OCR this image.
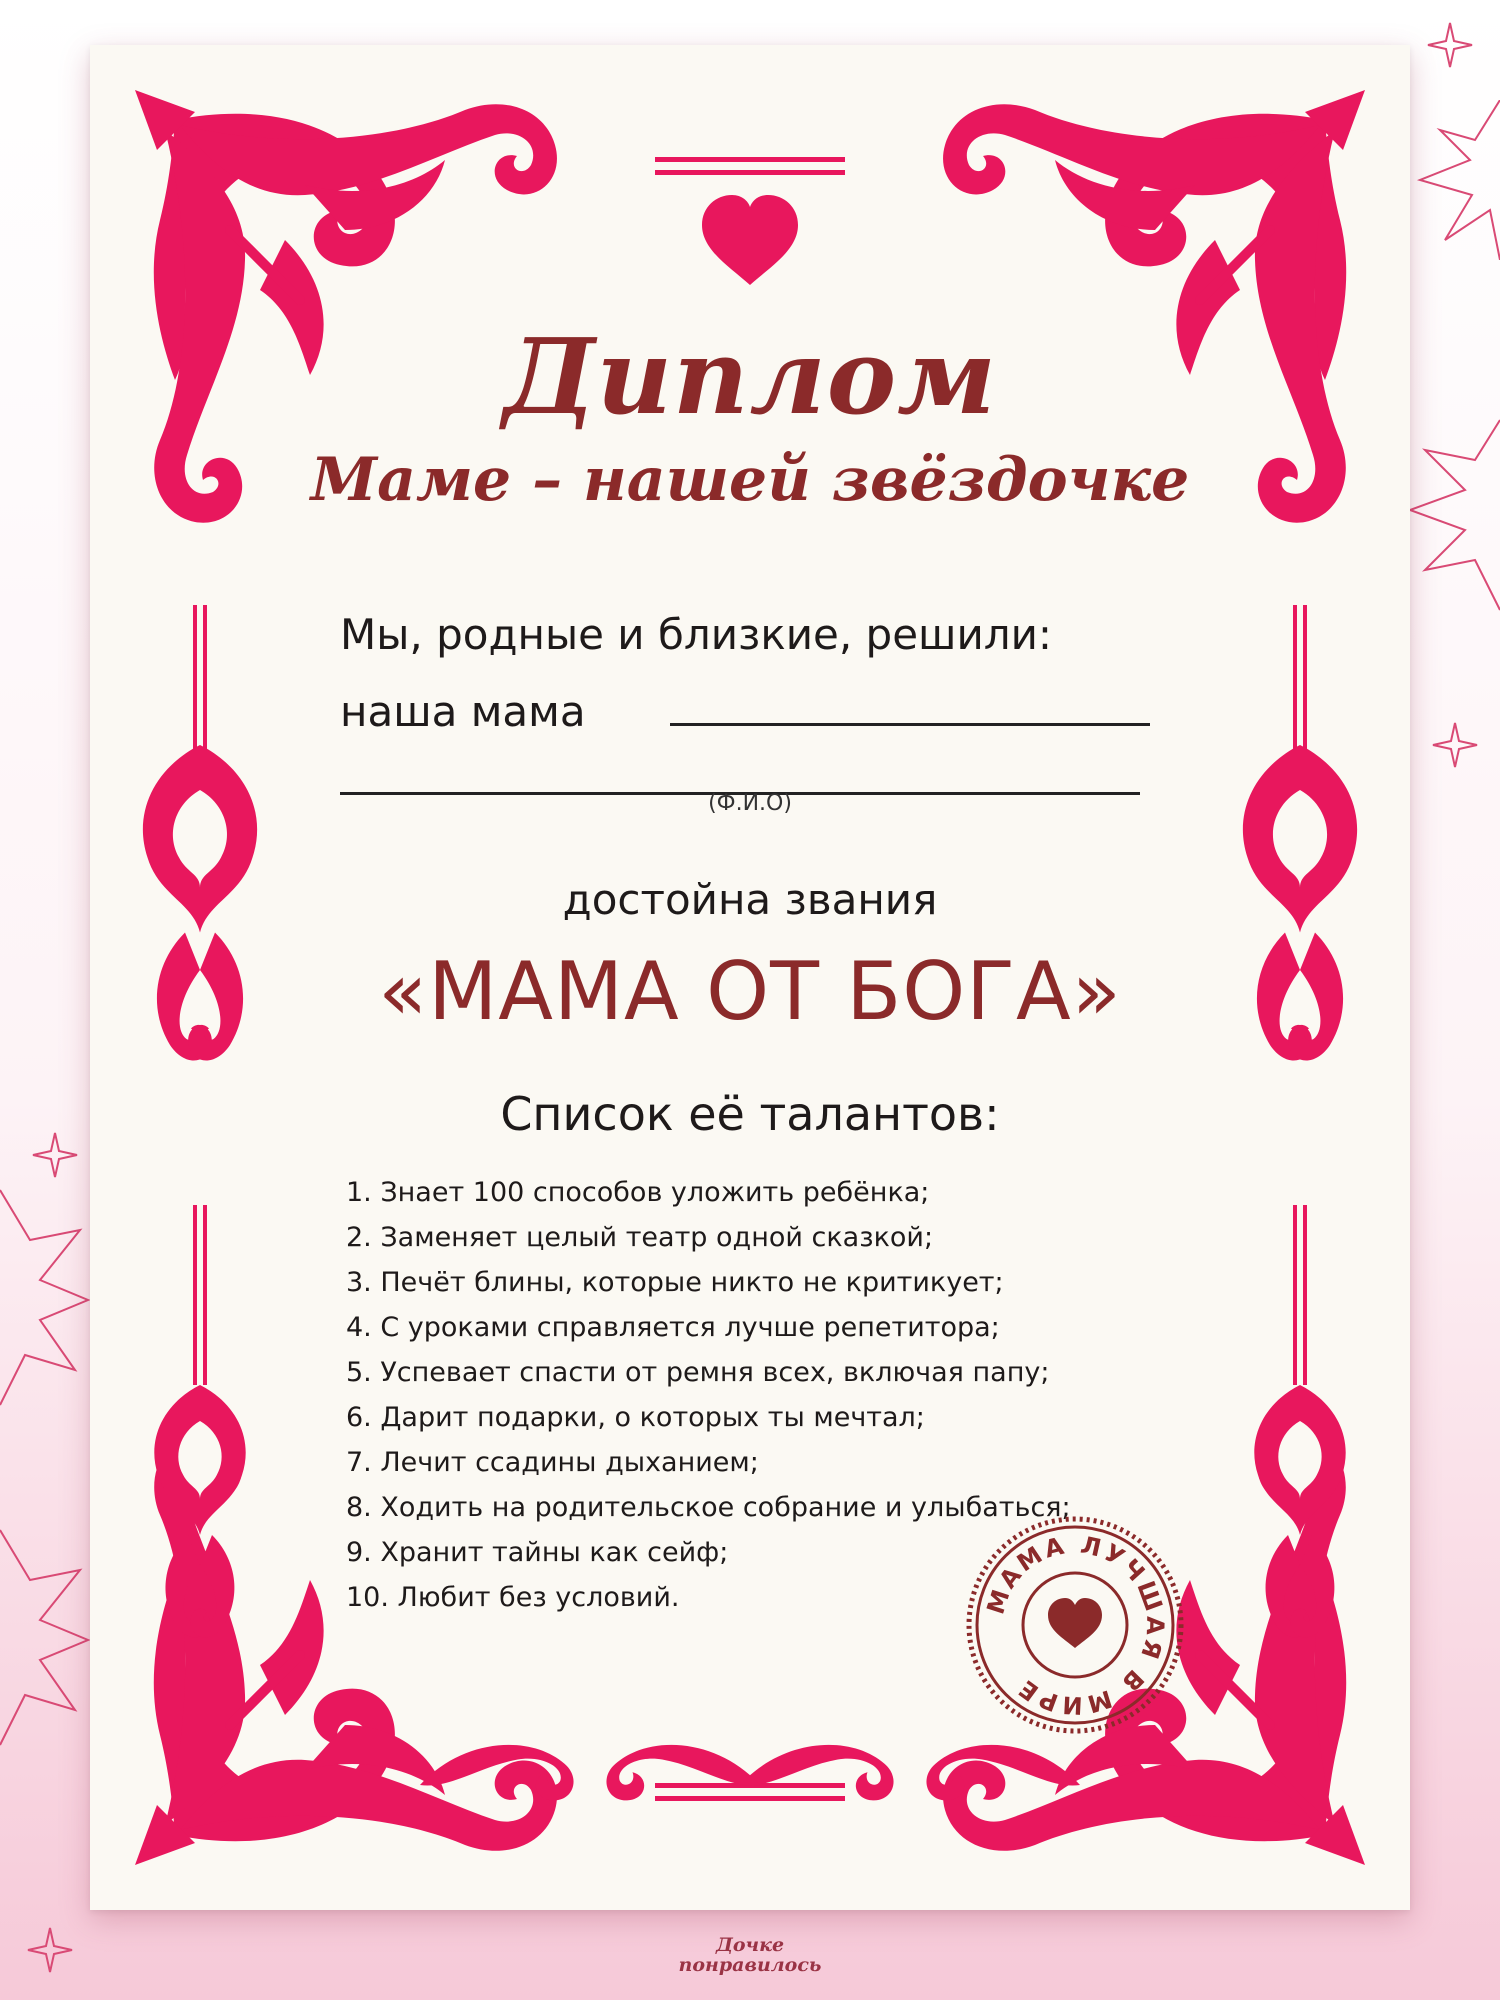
Диплом
Маме – нашей звёздочке
Мы, родные и близкие, решили:
наша мама
(Ф.И.О)
достойна звания
«МАМА ОТ БОГА»
Список её талантов:
1. Знает 100 способов уложить ребёнка;
2. Заменяет целый театр одной сказкой;
3. Печёт блины, которые никто не критикует;
4. С уроками справляется лучше репетитора;
5. Успевает спасти от ремня всех, включая папу;
6. Дарит подарки, о которых ты мечтал;
7. Лечит ссадины дыханием;
8. Ходить на родительское собрание и улыбаться;
9. Хранит тайны как сейф;
10. Любит без условий.	МАМА ЛУЧШАЯ В МИРЕ
Дочке
понравилось
